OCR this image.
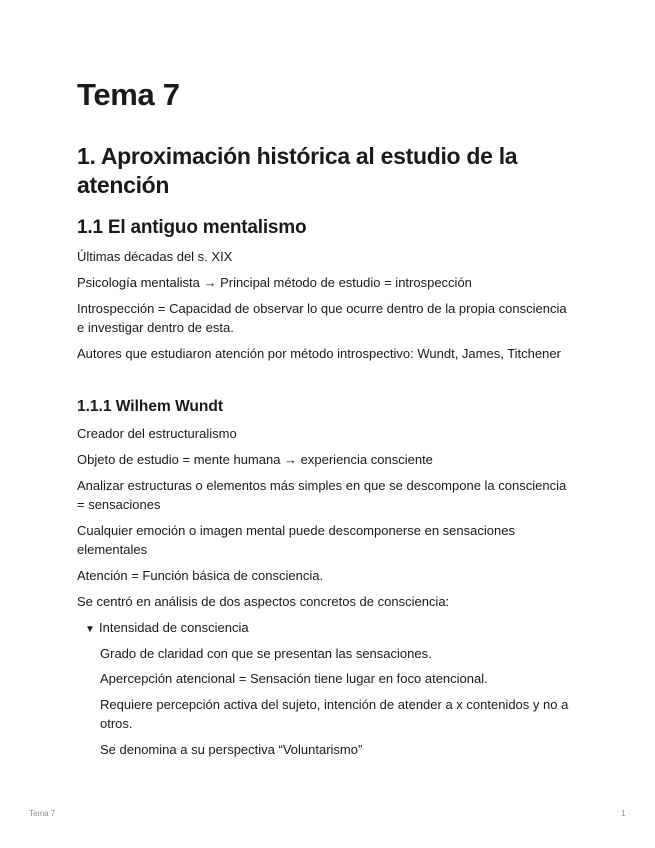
Tema 7
1. Aproximación histórica al estudio de la atención
1.1 El antiguo mentalismo

Últimas décadas del s. XIX

Psicología mentalista → Principal método de estudio = introspección

Introspección = Capacidad de observar lo que ocurre dentro de la propia consciencia e investigar dentro de esta.

Autores que estudiaron atención por método introspectivo: Wundt, James, Titchener

1.1.1 Wilhem Wundt

Creador del estructuralismo

Objeto de estudio = mente humana → experiencia consciente

Analizar estructuras o elementos más simples en que se descompone la consciencia = sensaciones

Cualquier emoción o imagen mental puede descomponerse en sensaciones elementales

Atención = Función básica de consciencia.

Se centró en análisis de dos aspectos concretos de consciencia:

▼ Intensidad de consciencia

Grado de claridad con que se presentan las sensaciones.

Apercepción atencional = Sensación tiene lugar en foco atencional.

Requiere percepción activa del sujeto, intención de atender a x contenidos y no a otros.

Se denomina a su perspectiva “Voluntarismo”

Tema 7	1
